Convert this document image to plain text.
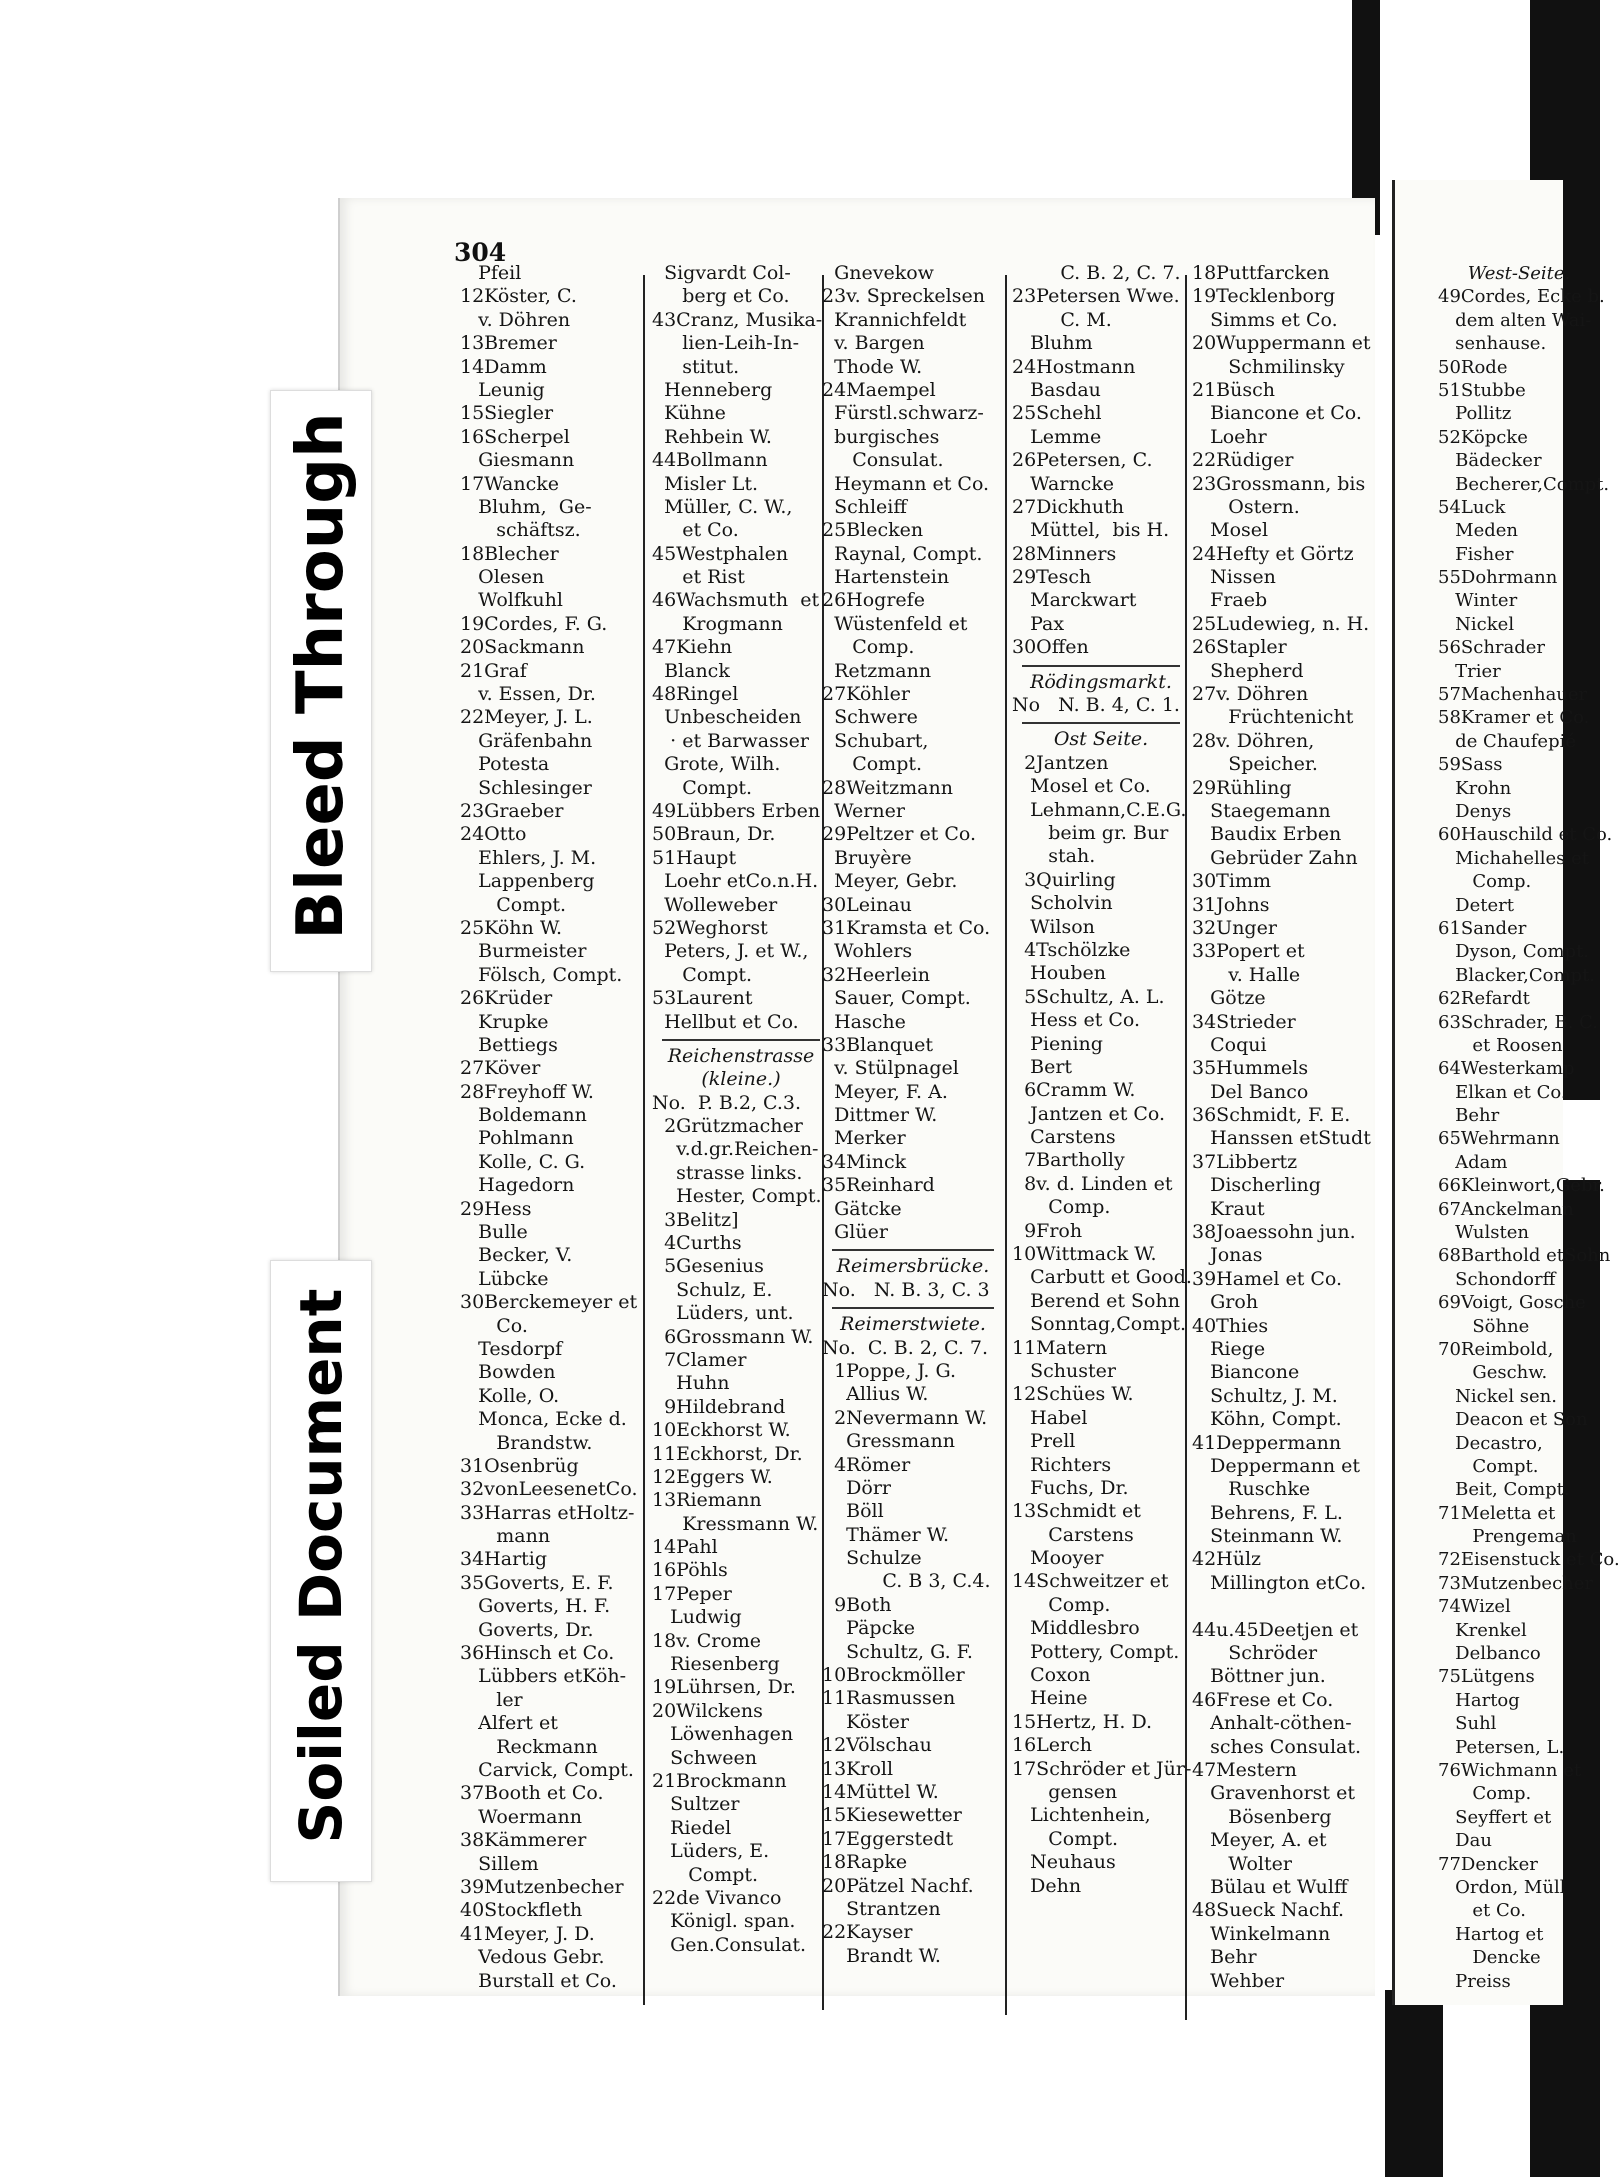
304
Pfeil
12Köster, C.
v. Döhren
13Bremer
14Damm
Leunig
15Siegler
16Scherpel
Giesmann
17Wancke
Bluhm,  Ge-
schäftsz.
18Blecher
Olesen
Wolfkuhl
19Cordes, F. G.
20Sackmann
21Graf
v. Essen, Dr.
22Meyer, J. L.
Gräfenbahn
Potesta
Schlesinger
23Graeber
24Otto
Ehlers, J. M.
Lappenberg
Compt.
25Köhn W.
Burmeister
Fölsch, Compt.
26Krüder
Krupke
Bettiegs
27Köver
28Freyhoff W.
Boldemann
Pohlmann
Kolle, C. G.
Hagedorn
29Hess
Bulle
Becker, V.
Lübcke
30Berckemeyer et
Co.
Tesdorpf
Bowden
Kolle, O.
Monca, Ecke d.
Brandstw.
31Osenbrüg
32vonLeesenetCo.
33Harras etHoltz-
mann
34Hartig
35Goverts, E. F.
Goverts, H. F.
Goverts, Dr.
36Hinsch et Co.
Lübbers etKöh-
ler
Alfert et
Reckmann
Carvick, Compt.
37Booth et Co.
Woermann
38Kämmerer
Sillem
39Mutzenbecher
40Stockfleth
41Meyer, J. D.
Vedous Gebr.
Burstall et Co.
Sigvardt Col-
berg et Co.
43Cranz, Musika-
lien-Leih-In-
stitut.
Henneberg
Kühne
Rehbein W.
44Bollmann
Misler Lt.
Müller, C. W.,
et Co.
45Westphalen
et Rist
46Wachsmuth  et
Krogmann
47Kiehn
Blanck
48Ringel
Unbescheiden
· et Barwasser
Grote, Wilh.
Compt.
49Lübbers Erben
50Braun, Dr.
51Haupt
Loehr etCo.n.H.
Wolleweber
52Weghorst
Peters, J. et W.,
Compt.
53Laurent
Hellbut et Co.
Reichenstrasse
(kleine.)
No.  P. B.2, C.3.
2Grützmacher
v.d.gr.Reichen-
strasse links.
Hester, Compt.
3Belitz]
4Curths
5Gesenius
Schulz, E.
Lüders, unt.
6Grossmann W.
7Clamer
Huhn
9Hildebrand
10Eckhorst W.
11Eckhorst, Dr.
12Eggers W.
13Riemann
Kressmann W.
14Pahl
16Pöhls
17Peper
Ludwig
18v. Crome
Riesenberg
19Lührsen, Dr.
20Wilckens
Löwenhagen
Schween
21Brockmann
Sultzer
Riedel
Lüders, E.
Compt.
22de Vivanco
Königl. span.
Gen.Consulat.
Gnevekow
23v. Spreckelsen
Krannichfeldt
v. Bargen
Thode W.
24Maempel
Fürstl.schwarz-
burgisches
Consulat.
Heymann et Co.
Schleiff
25Blecken
Raynal, Compt.
Hartenstein
26Hogrefe
Wüstenfeld et
Comp.
Retzmann
27Köhler
Schwere
Schubart,
Compt.
28Weitzmann
Werner
29Peltzer et Co.
Bruyère
Meyer, Gebr.
30Leinau
31Kramsta et Co.
Wohlers
32Heerlein
Sauer, Compt.
Hasche
33Blanquet
v. Stülpnagel
Meyer, F. A.
Dittmer W.
Merker
34Minck
35Reinhard
Gätcke
Glüer
Reimersbrücke.
No.   N. B. 3, C. 3
Reimerstwiete.
No.  C. B. 2, C. 7.
1Poppe, J. G.
Allius W.
2Nevermann W.
Gressmann
4Römer
Dörr
Böll
Thämer W.
Schulze
C. B 3, C.4.
9Both
Päpcke
Schultz, G. F.
10Brockmöller
11Rasmussen
Köster
12Völschau
13Kroll
14Müttel W.
15Kiesewetter
17Eggerstedt
18Rapke
20Pätzel Nachf.
Strantzen
22Kayser
Brandt W.
C. B. 2, C. 7.
23Petersen Wwe.
C. M.
Bluhm
24Hostmann
Basdau
25Schehl
Lemme
26Petersen, C.
Warncke
27Dickhuth
Müttel,  bis H.
28Minners
29Tesch
Marckwart
Pax
30Offen
Rödingsmarkt.
No   N. B. 4, C. 1.
Ost Seite.
2Jantzen
Mosel et Co.
Lehmann,C.E.G.
beim gr. Bur
stah.
3Quirling
Scholvin
Wilson
4Tschölzke
Houben
5Schultz, A. L.
Hess et Co.
Piening
Bert
6Cramm W.
Jantzen et Co.
Carstens
7Bartholly
8v. d. Linden et
Comp.
9Froh
10Wittmack W.
Carbutt et Good.
Berend et Sohn
Sonntag,Compt.
11Matern
Schuster
12Schües W.
Habel
Prell
Richters
Fuchs, Dr.
13Schmidt et
Carstens
Mooyer
14Schweitzer et
Comp.
Middlesbro
Pottery, Compt.
Coxon
Heine
15Hertz, H. D.
16Lerch
17Schröder et Jür-
gensen
Lichtenhein,
Compt.
Neuhaus
Dehn
18Puttfarcken
19Tecklenborg
Simms et Co.
20Wuppermann et
Schmilinsky
21Büsch
Biancone et Co.
Loehr
22Rüdiger
23Grossmann, bis
Ostern.
Mosel
24Hefty et Görtz
Nissen
Fraeb
25Ludewieg, n. H.
26Stapler
Shepherd
27v. Döhren
Früchtenicht
28v. Döhren,
Speicher.
29Rühling
Staegemann
Baudix Erben
Gebrüder Zahn
30Timm
31Johns
32Unger
33Popert et
v. Halle
Götze
34Strieder
Coqui
35Hummels
Del Banco
36Schmidt, F. E.
Hanssen etStudt
37Libbertz
Discherling
Kraut
38Joaessohn jun.
Jonas
39Hamel et Co.
Groh
40Thies
Riege
Biancone
Schultz, J. M.
Köhn, Compt.
41Deppermann
Deppermann et
Ruschke
Behrens, F. L.
Steinmann W.
42Hülz
Millington etCo.
44u.45Deetjen et
Schröder
Böttner jun.
46Frese et Co.
Anhalt-cöthen-
sches Consulat.
47Mestern
Gravenhorst et
Bösenberg
Meyer, A. et
Wolter
Bülau et Wulff
48Sueck Nachf.
Winkelmann
Behr
Wehber
West-Seite.
49Cordes, Ecke b.
dem alten Wai-
senhause.
50Rode
51Stubbe
Pollitz
52Köpcke
Bädecker
Becherer,Compt.
54Luck
Meden
Fisher
55Dohrmann
Winter
Nickel
56Schrader
Trier
57Machenhauer
58Kramer et Co.
de Chaufepié
59Sass
Krohn
Denys
60Hauschild et Co.
Michahelles et
Comp.
Detert
61Sander
Dyson, Compt.
Blacker,Compt.
62Refardt
63Schrader, B. C.
et Roosen
64Westerkamp
Elkan et Co.
Behr
65Wehrmann
Adam
66Kleinwort,Gebr.
67Anckelmann
Wulsten
68Barthold etSohn
Schondorff
69Voigt, Gosche
Söhne
70Reimbold,
Geschw.
Nickel sen.
Deacon et Son
Decastro,
Compt.
Beit, Compt.
71Meletta et
Prengeman
72Eisenstuck et Co.
73Mutzenbecher
74Wizel
Krenkel
Delbanco
75Lütgens
Hartog
Suhl
Petersen, L.
76Wichmann et
Comp.
Seyffert et
Dau
77Dencker
Ordon, Müll
et Co.
Hartog et
Dencke
Preiss
Bleed Through
Soiled Document
